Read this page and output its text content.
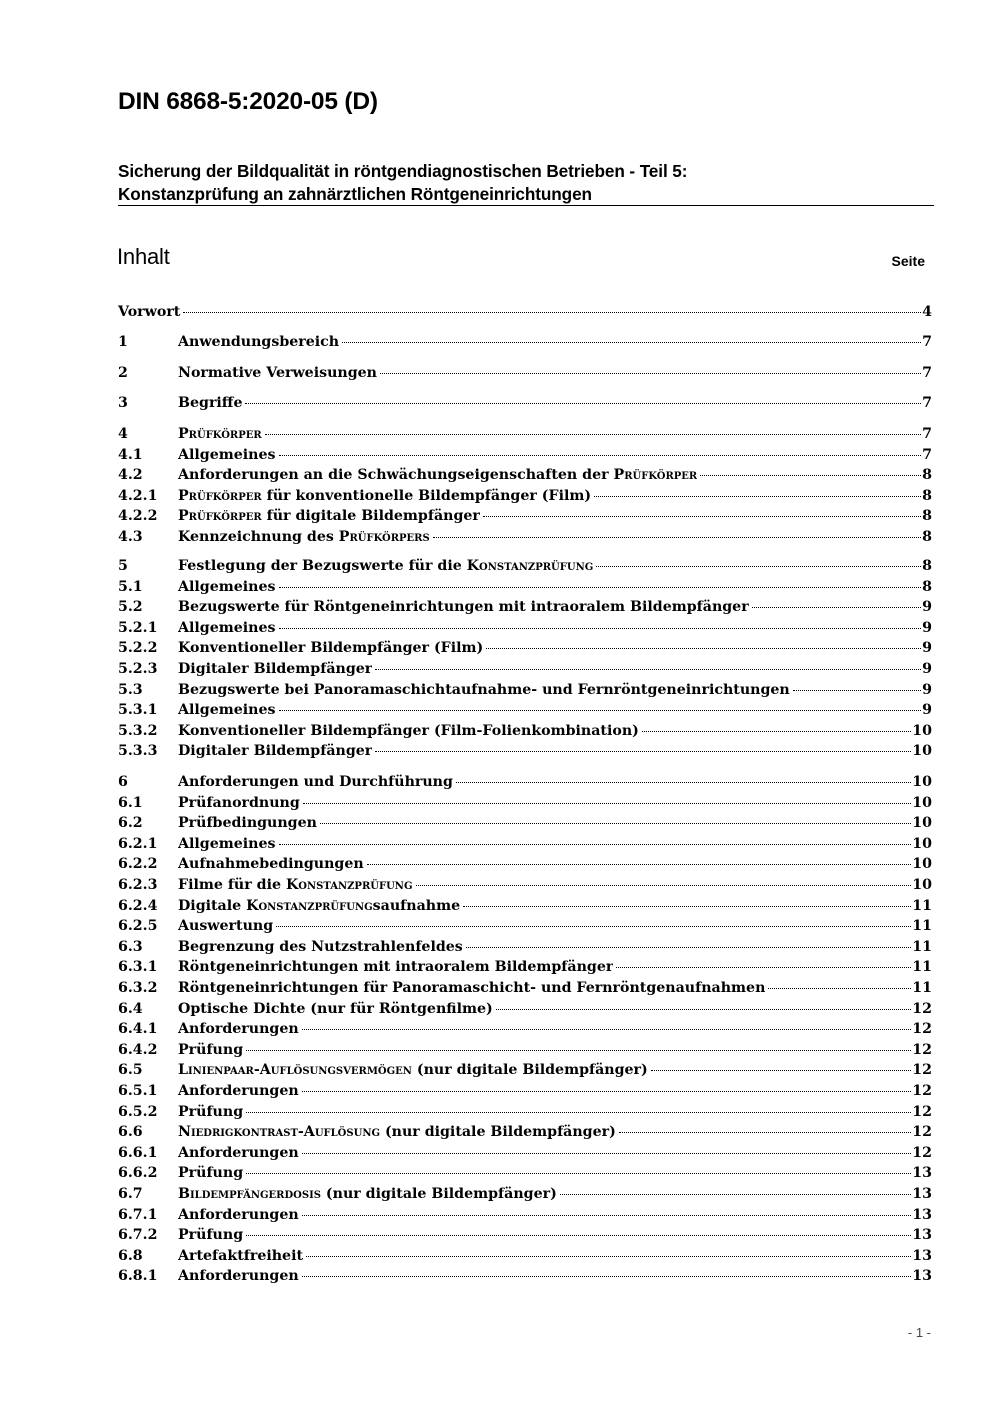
DIN 6868-5:2020-05 (D)
Sicherung der Bildqualität in röntgendiagnostischen Betrieben - Teil 5:
Konstanzprüfung an zahnärztlichen Röntgeneinrichtungen
Inhalt	Seite
Vorwort	4
1	Anwendungsbereich	7
2	Normative Verweisungen	7
3	Begriffe	7
4	Prüfkörper	7
4.1	Allgemeines	7
4.2	Anforderungen an die Schwächungseigenschaften der Prüfkörper	8
4.2.1	Prüfkörper für konventionelle Bildempfänger (Film)	8
4.2.2	Prüfkörper für digitale Bildempfänger	8
4.3	Kennzeichnung des Prüfkörpers	8
5	Festlegung der Bezugswerte für die Konstanzprüfung	8
5.1	Allgemeines	8
5.2	Bezugswerte für Röntgeneinrichtungen mit intraoralem Bildempfänger	9
5.2.1	Allgemeines	9
5.2.2	Konventioneller Bildempfänger (Film)	9
5.2.3	Digitaler Bildempfänger	9
5.3	Bezugswerte bei Panoramaschichtaufnahme- und Fernröntgeneinrichtungen	9
5.3.1	Allgemeines	9
5.3.2	Konventioneller Bildempfänger (Film-Folienkombination)	10
5.3.3	Digitaler Bildempfänger	10
6	Anforderungen und Durchführung	10
6.1	Prüfanordnung	10
6.2	Prüfbedingungen	10
6.2.1	Allgemeines	10
6.2.2	Aufnahmebedingungen	10
6.2.3	Filme für die Konstanzprüfung	10
6.2.4	Digitale Konstanzprüfungsaufnahme	11
6.2.5	Auswertung	11
6.3	Begrenzung des Nutzstrahlenfeldes	11
6.3.1	Röntgeneinrichtungen mit intraoralem Bildempfänger	11
6.3.2	Röntgeneinrichtungen für Panoramaschicht- und Fernröntgenaufnahmen	11
6.4	Optische Dichte (nur für Röntgenfilme)	12
6.4.1	Anforderungen	12
6.4.2	Prüfung	12
6.5	Linienpaar-Auflösungsvermögen (nur digitale Bildempfänger)	12
6.5.1	Anforderungen	12
6.5.2	Prüfung	12
6.6	Niedrigkontrast-Auflösung (nur digitale Bildempfänger)	12
6.6.1	Anforderungen	12
6.6.2	Prüfung	13
6.7	Bildempfängerdosis (nur digitale Bildempfänger)	13
6.7.1	Anforderungen	13
6.7.2	Prüfung	13
6.8	Artefaktfreiheit	13
6.8.1	Anforderungen	13
- 1 -
